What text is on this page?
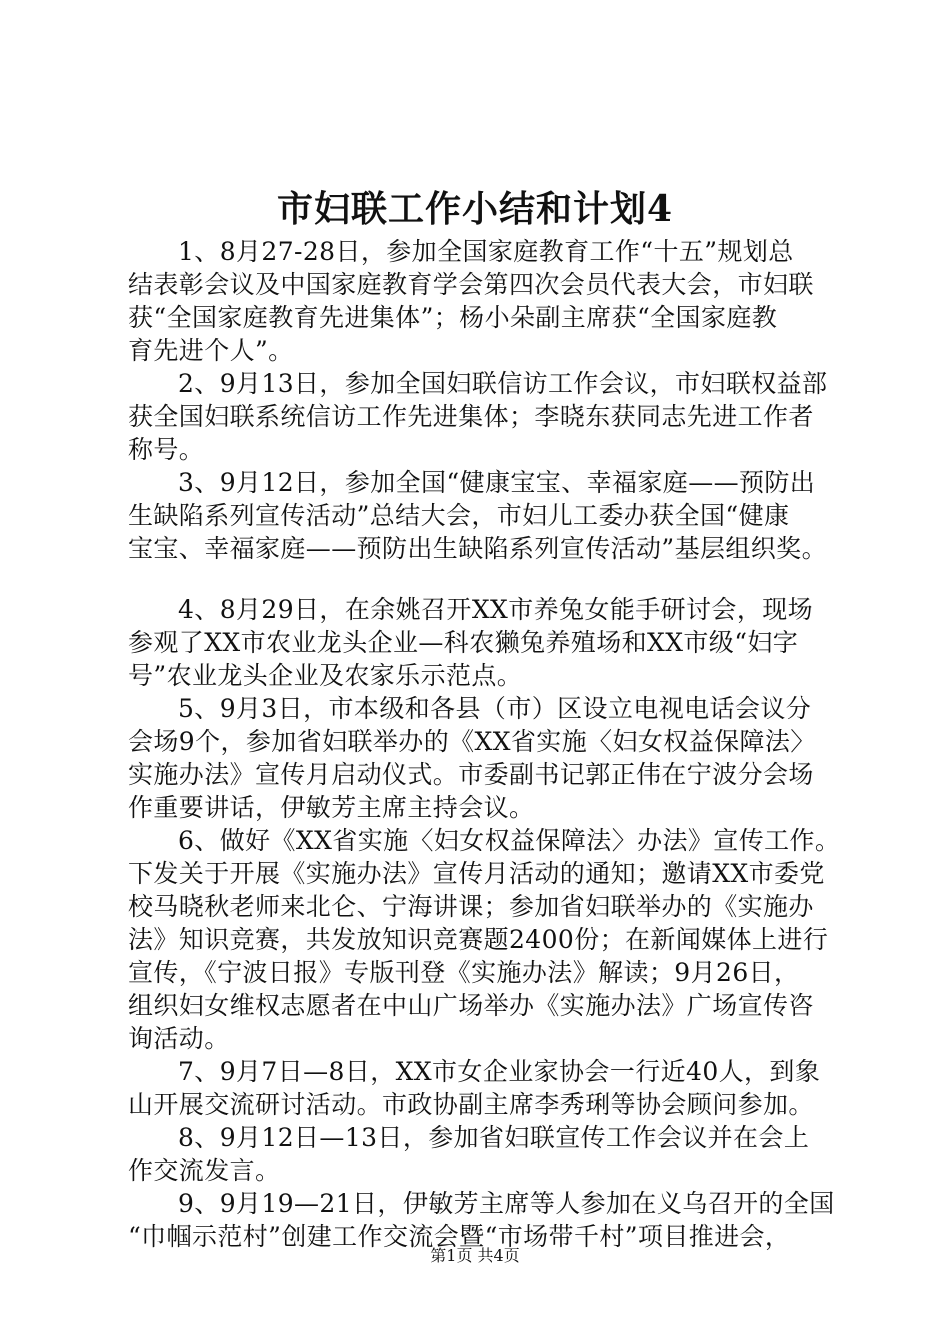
市妇联工作小结和计划4
1、8月27-28日，参加全国家庭教育工作“十五”规划总
结表彰会议及中国家庭教育学会第四次会员代表大会，市妇联
获“全国家庭教育先进集体”；杨小朵副主席获“全国家庭教
育先进个人”。
2、9月13日，参加全国妇联信访工作会议，市妇联权益部
获全国妇联系统信访工作先进集体；李晓东获同志先进工作者
称号。
3、9月12日，参加全国“健康宝宝、幸福家庭——预防出
生缺陷系列宣传活动”总结大会，市妇儿工委办获全国“健康
宝宝、幸福家庭——预防出生缺陷系列宣传活动”基层组织奖。
4、8月29日，在余姚召开XX市养兔女能手研讨会，现场
参观了XX市农业龙头企业—科农獭兔养殖场和XX市级“妇字
号”农业龙头企业及农家乐示范点。
5、9月3日，市本级和各县（市）区设立电视电话会议分
会场9个，参加省妇联举办的《XX省实施〈妇女权益保障法〉
实施办法》宣传月启动仪式。市委副书记郭正伟在宁波分会场
作重要讲话，伊敏芳主席主持会议。
6、做好《XX省实施〈妇女权益保障法〉办法》宣传工作。
下发关于开展《实施办法》宣传月活动的通知；邀请XX市委党
校马晓秋老师来北仑、宁海讲课；参加省妇联举办的《实施办
法》知识竞赛，共发放知识竞赛题2400份；在新闻媒体上进行
宣传，《宁波日报》专版刊登《实施办法》解读；9月26日，
组织妇女维权志愿者在中山广场举办《实施办法》广场宣传咨
询活动。
7、9月7日—8日，XX市女企业家协会一行近40人，到象
山开展交流研讨活动。市政协副主席李秀琍等协会顾问参加。
8、9月12日—13日，参加省妇联宣传工作会议并在会上
作交流发言。
9、9月19—21日，伊敏芳主席等人参加在义乌召开的全国
“巾帼示范村”创建工作交流会暨“市场带千村”项目推进会，
第1页 共4页
